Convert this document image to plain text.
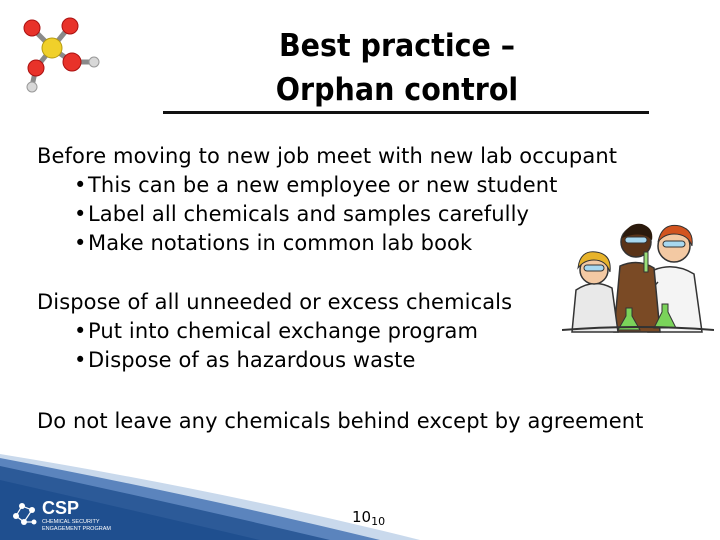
Best practice –
Orphan control
Before moving to new job meet with new lab occupant
•This can be a new employee or new student
•Label all chemicals and samples carefully
•Make notations in common lab book
Dispose of all unneeded or excess chemicals
•Put into chemical exchange program
•Dispose of as hazardous waste
Do not leave any chemicals behind except by agreement
CSP
CHEMICAL SECURITY
ENGAGEMENT PROGRAM
$10_{10}$
